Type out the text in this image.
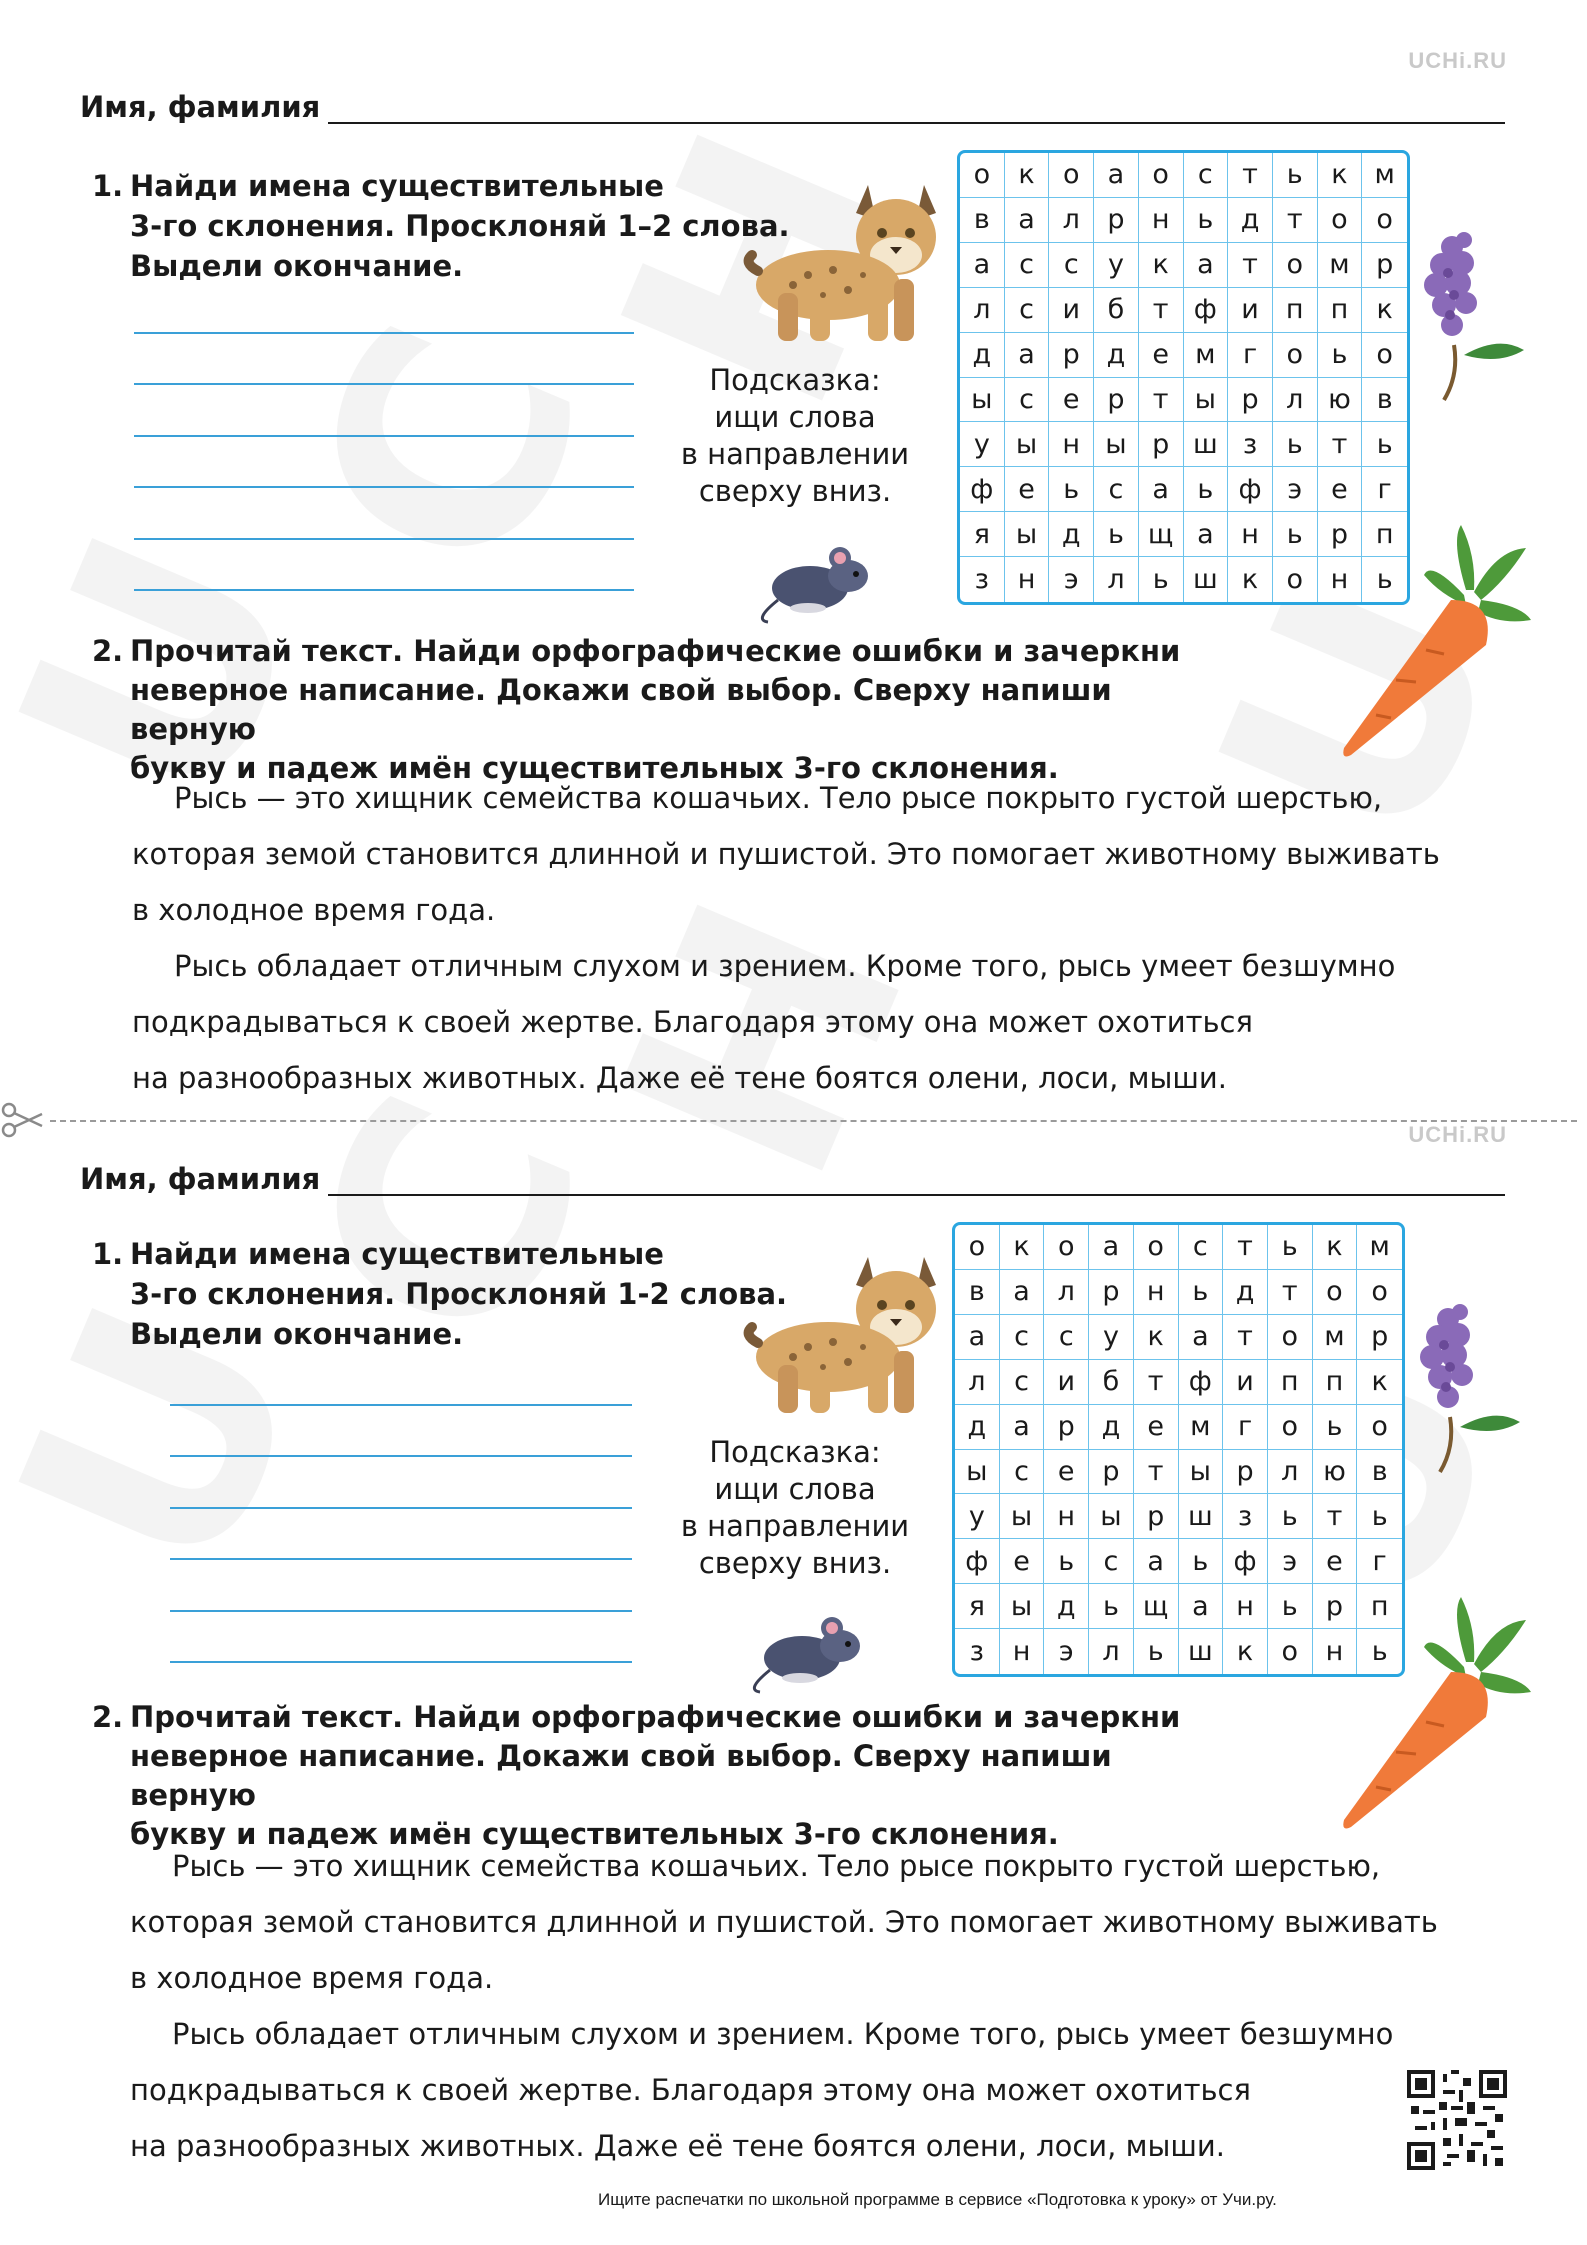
UCHi.RU
Имя, фамилия
1. Найди имена существительные
3-го склонения. Просклоняй 1–2 слова.
Выдели окончание.
Подсказка:
ищи слова
в направлении
сверху вниз.
о	к	о	а	о	с	т	ь	к м
в	а	л	р	н	ь	д	т	о	о
а	с	с	у	к	а	т	о м р
л	с	и	б	т ф и	п	п	к
д	а	р д	е м	г	о	ь	о
ы с	е	р	т ы р	л ю в
у ы н ы р ш з	ь	т	ь
ф е	ь	с	а	ь ф э	е	г
я ы д	ь щ а	н	ь	р	п
з	н	э	л	ь ш к	о	н	ь
2. Прочитай текст. Найди орфографические ошибки и зачеркни
неверное написание. Докажи свой выбор. Сверху напиши верную
букву и падеж имён существительных 3-го склонения.

Рысь — это хищник семейства кошачьих. Тело рысе покрыто густой шерстью,

которая земой становится длинной и пушистой. Это помогает животному выживать

в холодное время года.

Рысь обладает отличным слухом и зрением. Кроме того, рысь умеет безшумно

подкрадываться к своей жертве. Благодаря этому она может охотиться

на разнообразных животных. Даже её тене боятся олени, лоси, мыши.

UCHi.RU
Имя, фамилия
1. Найди имена существительные
3-го склонения. Просклоняй 1-2 слова.
Выдели окончание.
Подсказка:
ищи слова
в направлении
сверху вниз.
о	к	о	а	о	с	т	ь	к м
в	а	л	р	н	ь	д	т	о	о
а	с	с	у	к	а	т	о м р
л	с	и	б	т ф и	п	п	к
д	а	р д	е м	г	о	ь	о
ы с	е	р	т ы р	л ю в
у ы н ы р ш з	ь	т	ь
ф е	ь	с	а	ь ф э	е	г
я ы д	ь щ а	н	ь	р	п
з	н	э	л	ь ш к	о	н	ь
2. Прочитай текст. Найди орфографические ошибки и зачеркни
неверное написание. Докажи свой выбор. Сверху напиши верную
букву и падеж имён существительных 3-го склонения.

Рысь — это хищник семейства кошачьих. Тело рысе покрыто густой шерстью,

которая земой становится длинной и пушистой. Это помогает животному выживать

в холодное время года.

Рысь обладает отличным слухом и зрением. Кроме того, рысь умеет безшумно

подкрадываться к своей жертве. Благодаря этому она может охотиться

на разнообразных животных. Даже её тене боятся олени, лоси, мыши.

Ищите распечатки по школьной программе в сервисе «Подготовка к уроку» от Учи.ру.
